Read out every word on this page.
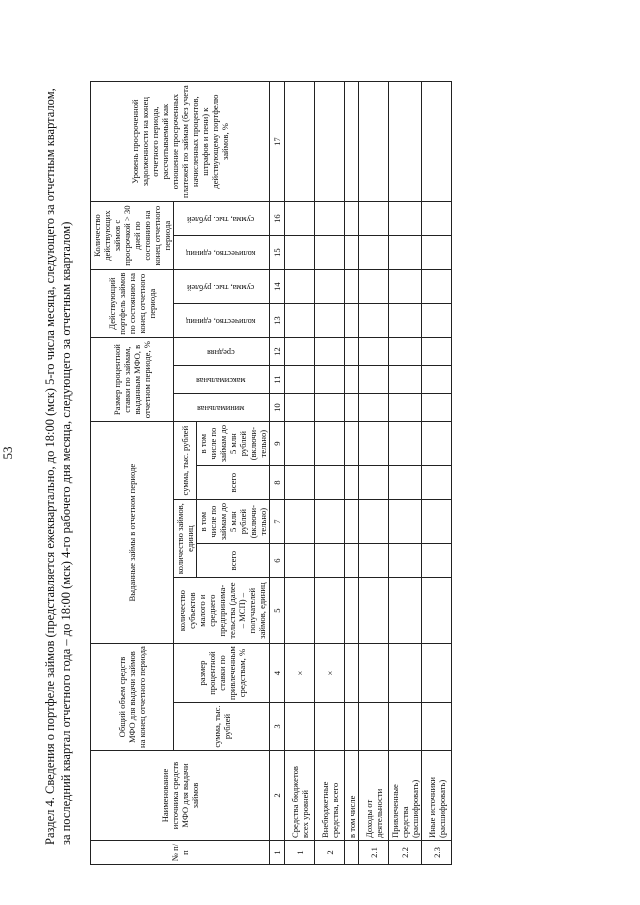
53 Раздел 4. Сведения о портфеле займов (представляется ежеквартально, до 18:00 (мск) 5-го числа месяца, следующего за отчетным кварталом, за последний квартал отчетного года – до 18:00 (мск) 4-го рабочего дня месяца, следующего за отчетным кварталом)
№ п/п	Наименование источника средств МФО для выдачи займов	Общий объем средств МФО для выдачи займов на конец отчетного периода		Выданные займы в отчетном периоде					Размер процентной ставки по займам, выданным МФО, в отчетном периоде, %			Действующий портфель займов по состоянию на конец отчетного периода		Количество действующих займов с просрочкой > 30 дней по состоянию на конец отчетного периода		Уровень просроченной задолженности на конец отчетного периода, рассчитываемый как отношение просроченных платежей по займам (без учета начисленных процентов, штрафов и пени) к действующему портфелю займов, %
		сумма, тыс. рублей	размер процентной ставки по привлеченным средствам, %	количество субъектов малого и среднего предпринима-тельства (далее – МСП) – получателей займов, единиц	количество займов, единиц		сумма, тыс. рублей		минимальная	максимальная	средняя	количество, единиц	сумма, тыс. рублей	количество, единиц	сумма, тыс. рублей	
					всего	в том числе по займам до 5 млн рублей (включи-тельно)	всего	в том числе по займам до 5 млн рублей (включи-тельно)								
1	2	3	4	5	6	7	8	9	10	11	12	13	14	15	16	17
1	Средства бюджетов всех уровней		×													
2	Внебюджетные средства, всего		×													
	в том числе															
2.1	Доходы от деятельности															
2.2	Привлеченные средства (расшифровать)															
2.3	Иные источники (расшифровать)															
